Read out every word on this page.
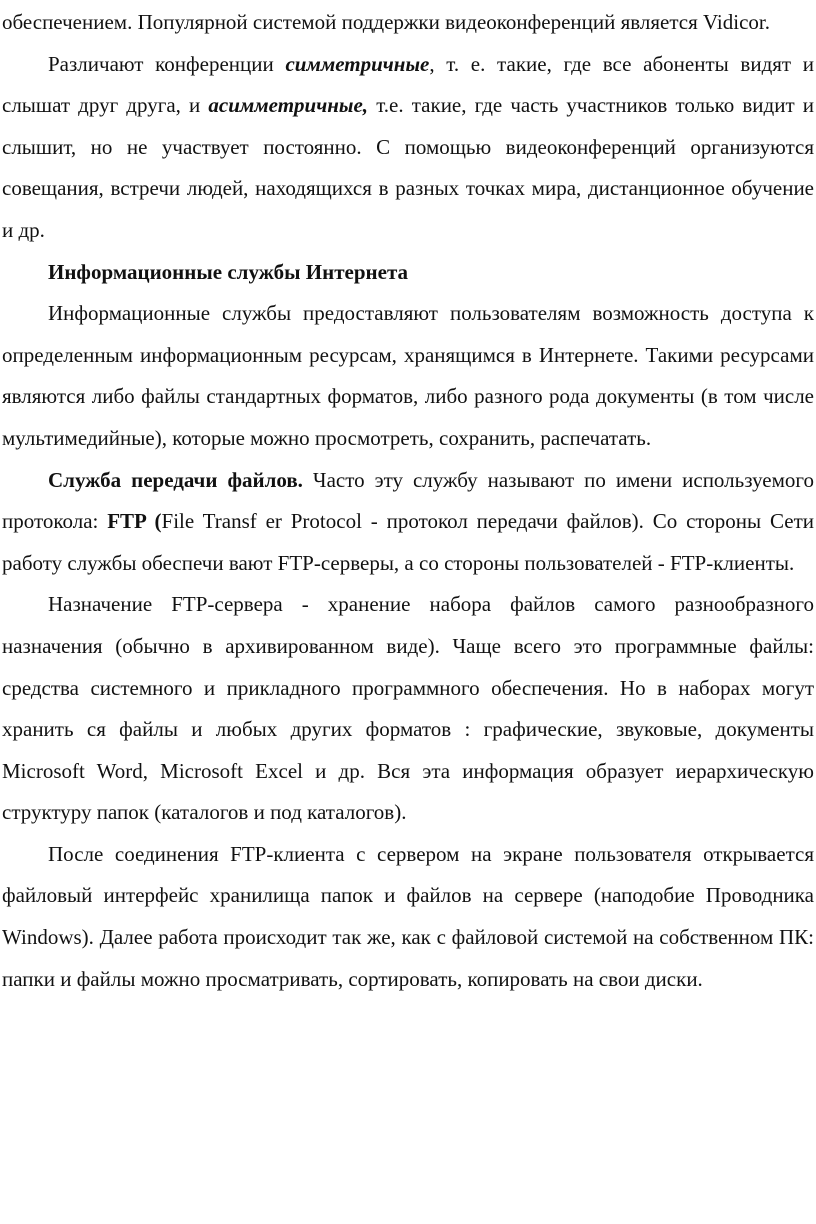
обеспечением. Популярной системой поддержки видеоконференций является Vidicor.

Различают конференции симметричные, т. е. такие, где все абоненты видят и слышат друг друга, и асимметричные, т.е. такие, где часть участников только видит и слышит, но не участвует постоянно. С помощью видеоконференций организуются совещания, встречи людей, находящихся в разных точках мира, дистанционное обучение и др.

Информационные службы Интернета

Информационные службы предоставляют пользователям возможность доступа к определенным информационным ресурсам, хранящимся в Интернете. Такими ресурсами являются либо файлы стандартных форматов, либо разного рода документы (в том числе мультимедийные), которые можно просмотреть, сохранить, распечатать.

Служба передачи файлов. Часто эту службу называют по имени используемого протокола: FTP (File Transf er Protocol - протокол передачи файлов). Со стороны Сети работу службы обеспечи вают FTP-серверы, а со стороны пользователей - FTP-клиенты.

Назначение FTP-сервера - хранение набора файлов самого разнообразного назначения (обычно в архивированном виде). Чаще всего это программные файлы: средства системного и прикладного программного обеспечения. Но в наборах могут хранить ся файлы и любых других форматов : графические, звуковые, документы Microsoft Word, Microsoft Excel и др. Вся эта информация образует иерархическую структуру папок (каталогов и под каталогов).

После соединения FTP-клиента с сервером на экране пользователя открывается файловый интерфейс хранилища папок и файлов на сервере (наподобие Проводника Windows). Далее работа происходит так же, как с файловой системой на собственном ПК: папки и файлы можно просматривать, сортировать, копировать на свои диски.
